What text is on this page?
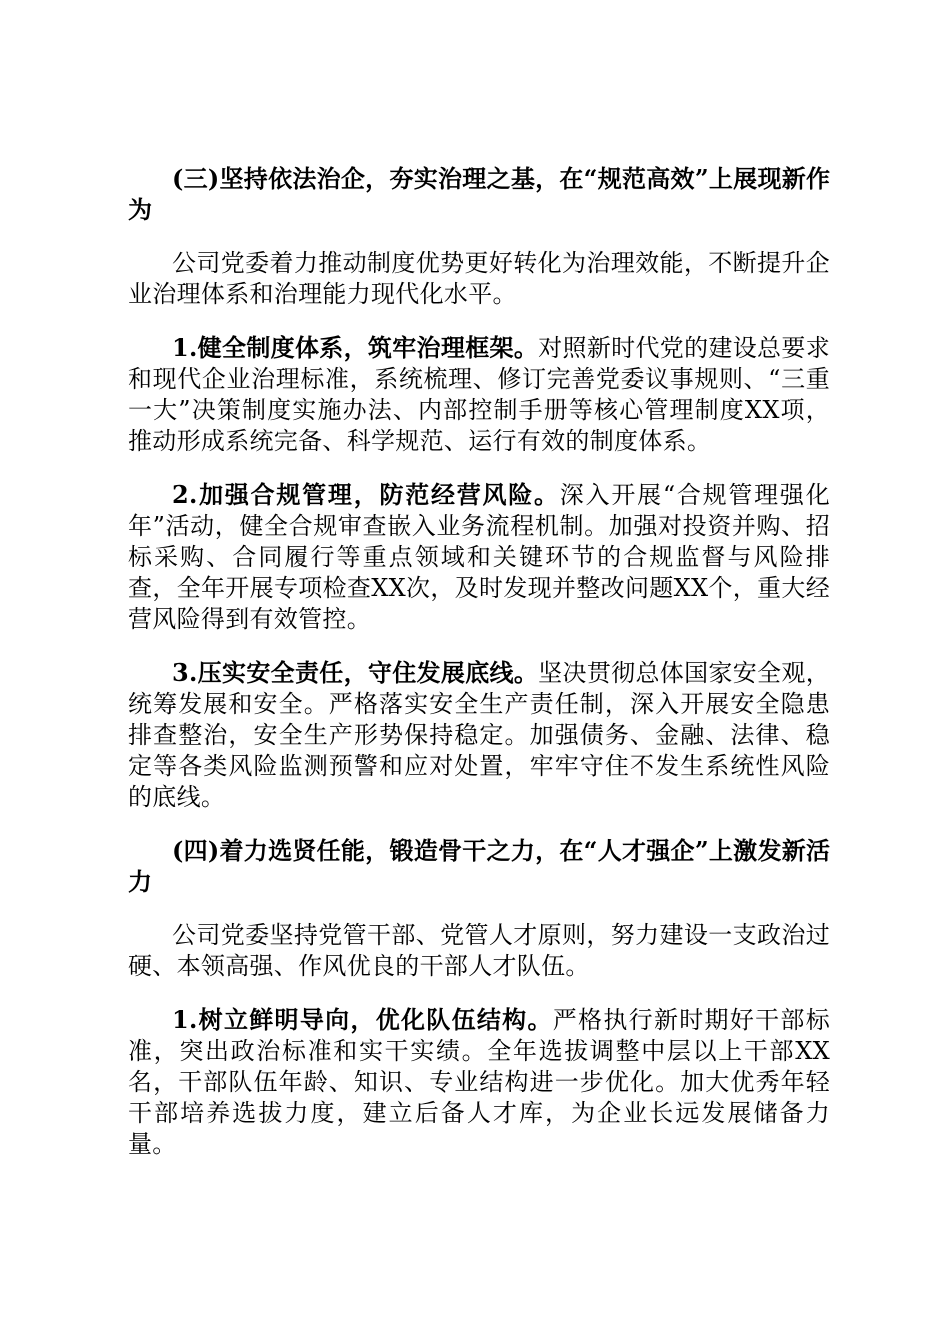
(三)坚持依法治企，夯实治理之基，在“规范高效”上展现新作为

公司党委着力推动制度优势更好转化为治理效能，不断提升企业治理体系和治理能力现代化水平。

1.健全制度体系，筑牢治理框架。对照新时代党的建设总要求和现代企业治理标准，系统梳理、修订完善党委议事规则、“三重一大”决策制度实施办法、内部控制手册等核心管理制度XX项，推动形成系统完备、科学规范、运行有效的制度体系。

2.加强合规管理，防范经营风险。深入开展“合规管理强化年”活动，健全合规审查嵌入业务流程机制。加强对投资并购、招标采购、合同履行等重点领域和关键环节的合规监督与风险排查，全年开展专项检查XX次，及时发现并整改问题XX个，重大经营风险得到有效管控。

3.压实安全责任，守住发展底线。坚决贯彻总体国家安全观，统筹发展和安全。严格落实安全生产责任制，深入开展安全隐患排查整治，安全生产形势保持稳定。加强债务、金融、法律、稳定等各类风险监测预警和应对处置，牢牢守住不发生系统性风险的底线。

(四)着力选贤任能，锻造骨干之力，在“人才强企”上激发新活力

公司党委坚持党管干部、党管人才原则，努力建设一支政治过硬、本领高强、作风优良的干部人才队伍。

1.树立鲜明导向，优化队伍结构。严格执行新时期好干部标准，突出政治标准和实干实绩。全年选拔调整中层以上干部XX名，干部队伍年龄、知识、专业结构进一步优化。加大优秀年轻干部培养选拔力度，建立后备人才库，为企业长远发展储备力量。
